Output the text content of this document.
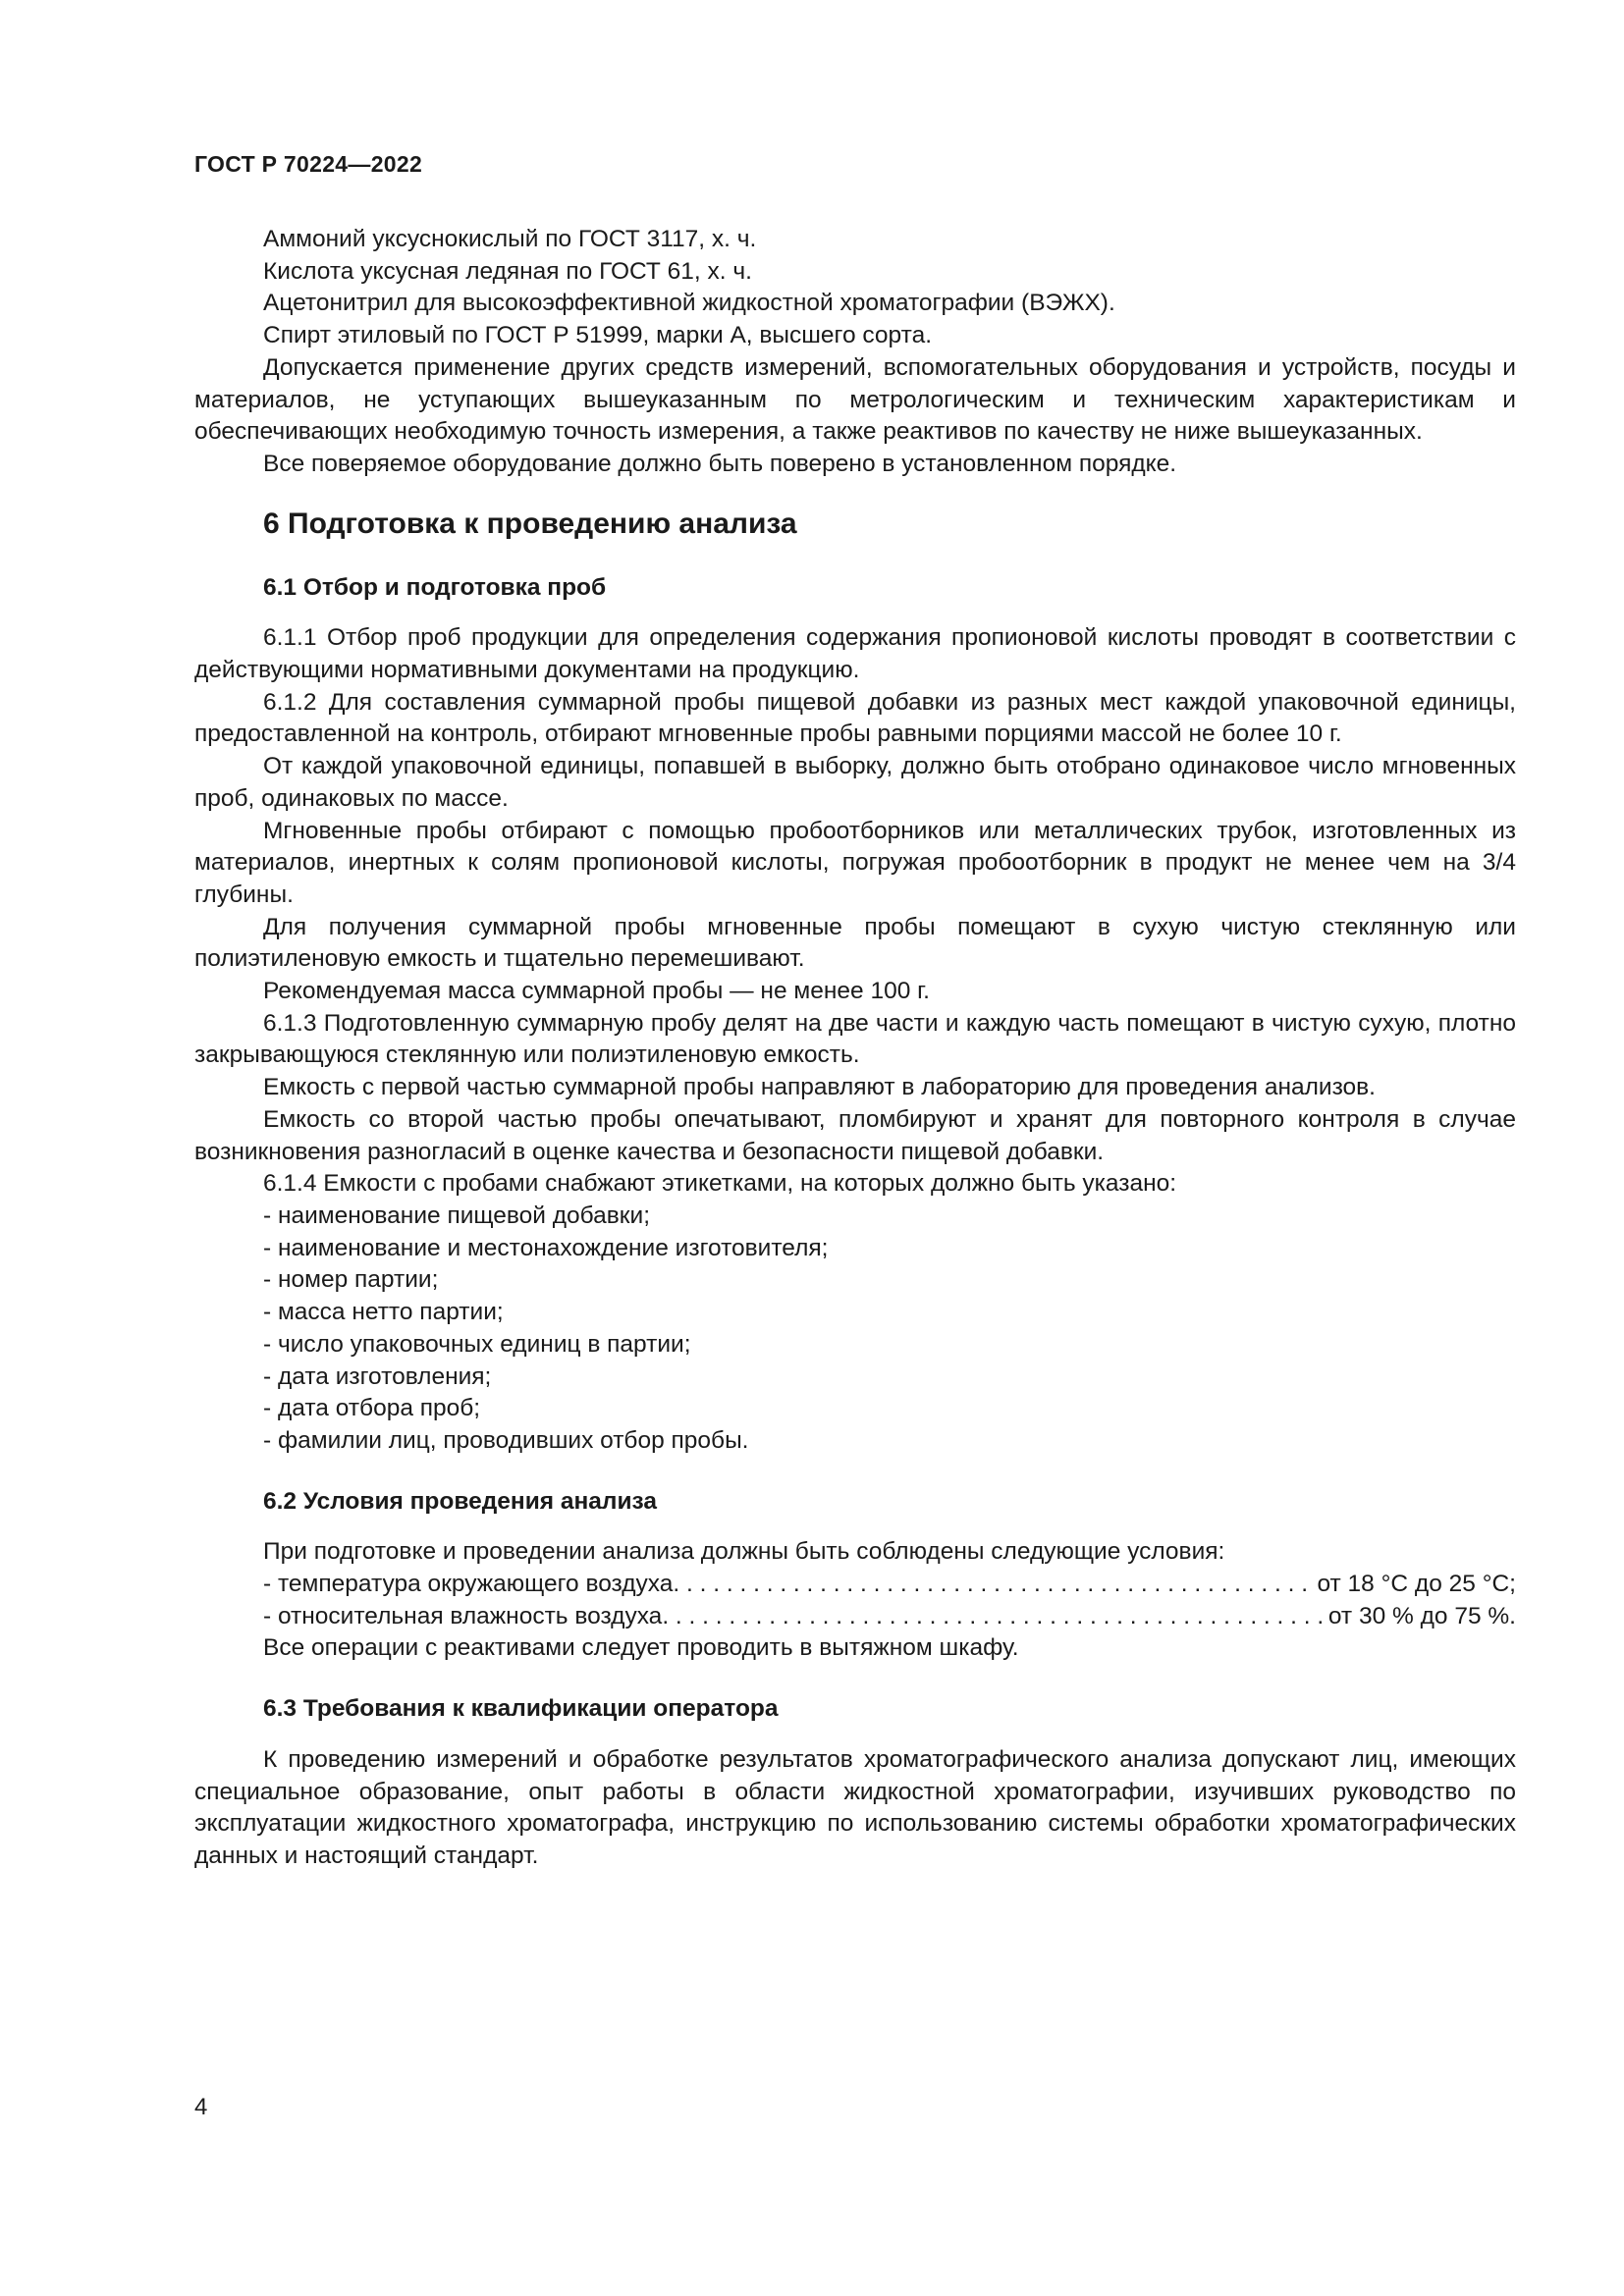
ГОСТ Р 70224—2022

Аммоний уксуснокислый по ГОСТ 3117, х. ч.

Кислота уксусная ледяная по ГОСТ 61, х. ч.

Ацетонитрил для высокоэффективной жидкостной хроматографии (ВЭЖХ).

Спирт этиловый по ГОСТ Р 51999, марки А, высшего сорта.

Допускается применение других средств измерений, вспомогательных оборудования и устройств, посуды и материалов, не уступающих вышеуказанным по метрологическим и техническим характеристикам и обеспечивающих необходимую точность измерения, а также реактивов по качеству не ниже вышеуказанных.

Все поверяемое оборудование должно быть поверено в установленном порядке.

6 Подготовка к проведению анализа
6.1 Отбор и подготовка проб

6.1.1 Отбор проб продукции для определения содержания пропионовой кислоты проводят в соответствии с действующими нормативными документами на продукцию.

6.1.2 Для составления суммарной пробы пищевой добавки из разных мест каждой упаковочной единицы, предоставленной на контроль, отбирают мгновенные пробы равными порциями массой не более 10 г.

От каждой упаковочной единицы, попавшей в выборку, должно быть отобрано одинаковое число мгновенных проб, одинаковых по массе.

Мгновенные пробы отбирают с помощью пробоотборников или металлических трубок, изготовленных из материалов, инертных к солям пропионовой кислоты, погружая пробоотборник в продукт не менее чем на 3/4 глубины.

Для получения суммарной пробы мгновенные пробы помещают в сухую чистую стеклянную или полиэтиленовую емкость и тщательно перемешивают.

Рекомендуемая масса суммарной пробы — не менее 100 г.

6.1.3 Подготовленную суммарную пробу делят на две части и каждую часть помещают в чистую сухую, плотно закрывающуюся стеклянную или полиэтиленовую емкость.

Емкость с первой частью суммарной пробы направляют в лабораторию для проведения анализов.

Емкость со второй частью пробы опечатывают, пломбируют и хранят для повторного контроля в случае возникновения разногласий в оценке качества и безопасности пищевой добавки.

6.1.4 Емкости с пробами снабжают этикетками, на которых должно быть указано:

- наименование пищевой добавки;
- наименование и местонахождение изготовителя;
- номер партии;
- масса нетто партии;
- число упаковочных единиц в партии;
- дата изготовления;
- дата отбора проб;
- фамилии лиц, проводивших отбор пробы.
6.2 Условия проведения анализа

При подготовке и проведении анализа должны быть соблюдены следующие условия:

- температура окружающего воздуха . . .	от 18 °С до 25 °С;
- относительная влажность воздуха . . .	от 30 % до 75 %.

Все операции с реактивами следует проводить в вытяжном шкафу.

6.3 Требования к квалификации оператора

К проведению измерений и обработке результатов хроматографического анализа допускают лиц, имеющих специальное образование, опыт работы в области жидкостной хроматографии, изучивших руководство по эксплуатации жидкостного хроматографа, инструкцию по использованию системы обработки хроматографических данных и настоящий стандарт.

4
